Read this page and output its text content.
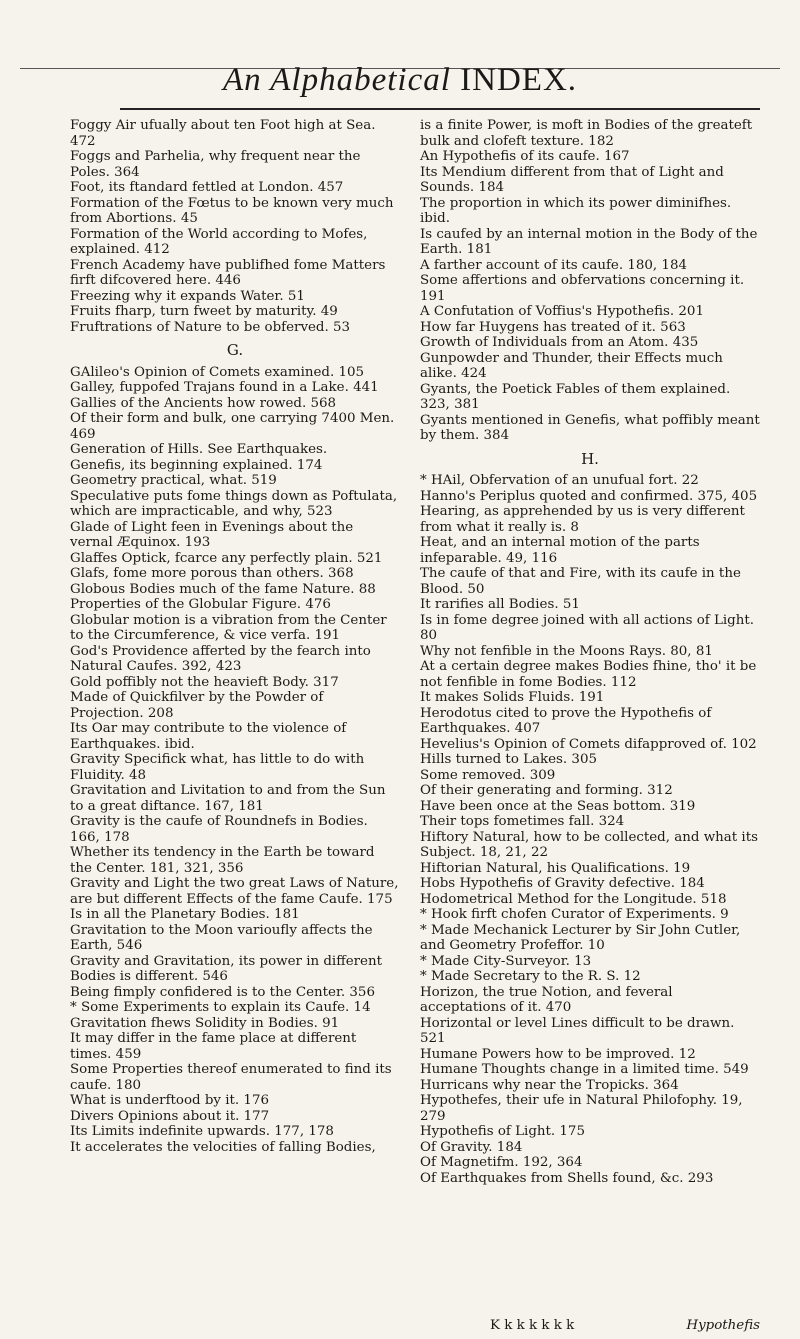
An Alphabetical INDEX.
Foggy Air ufually about ten Foot high at Sea. 472
Foggs and Parhelia, why frequent near the Poles. 364
Foot, its ftandard fettled at London. 457
Formation of the Fœtus to be known very much from Abortions. 45
Formation of the World according to Mofes, explained. 412
French Academy have publifhed fome Matters firft difcovered here. 446
Freezing why it expands Water. 51
Fruits fharp, turn fweet by maturity. 49
Fruftrations of Nature to be obferved. 53
G.
GAlileo's Opinion of Comets examined. 105
Galley, fuppofed Trajans found in a Lake. 441
Gallies of the Ancients how rowed. 568
Of their form and bulk, one carrying 7400 Men. 469
Generation of Hills. See Earthquakes.
Genefis, its beginning explained. 174
Geometry practical, what. 519
Speculative puts fome things down as Poftulata, which are impracticable, and why, 523
Glade of Light feen in Evenings about the vernal Æquinox. 193
Glaffes Optick, fcarce any perfectly plain. 521
Glafs, fome more porous than others. 368
Globous Bodies much of the fame Nature. 88
Properties of the Globular Figure. 476
Globular motion is a vibration from the Center to the Circumference, & vice verfa. 191
God's Providence afferted by the fearch into Natural Caufes. 392, 423
Gold poffibly not the heavieft Body. 317
Made of Quickfilver by the Powder of Projection. 208
Its Oar may contribute to the violence of Earthquakes. ibid.
Gravity Specifick what, has little to do with Fluidity. 48
Gravitation and Livitation to and from the Sun to a great diftance. 167, 181
Gravity is the caufe of Roundnefs in Bodies. 166, 178
Whether its tendency in the Earth be toward the Center. 181, 321, 356
Gravity and Light the two great Laws of Nature, are but different Effects of the fame Caufe. 175
Is in all the Planetary Bodies. 181
Gravitation to the Moon varioufly affects the Earth, 546
Gravity and Gravitation, its power in different Bodies is different. 546
Being fimply confidered is to the Center. 356
* Some Experiments to explain its Caufe. 14
Gravitation fhews Solidity in Bodies. 91
It may differ in the fame place at different times. 459
Some Properties thereof enumerated to find its caufe. 180
What is underftood by it. 176
Divers Opinions about it. 177
Its Limits indefinite upwards. 177, 178
It accelerates the velocities of falling Bodies,
is a finite Power, is moft in Bodies of the greateft bulk and clofeft texture. 182
An Hypothefis of its caufe. 167
Its Mendium different from that of Light and Sounds. 184
The proportion in which its power diminifhes. ibid.
Is caufed by an internal motion in the Body of the Earth. 181
A farther account of its caufe. 180, 184
Some affertions and obfervations concerning it. 191
A Confutation of Voffius's Hypothefis. 201
How far Huygens has treated of it. 563
Growth of Individuals from an Atom. 435
Gunpowder and Thunder, their Effects much alike. 424
Gyants, the Poetick Fables of them explained. 323, 381
Gyants mentioned in Genefis, what poffibly meant by them. 384
H.
* HAil, Obfervation of an unufual fort. 22
Hanno's Periplus quoted and confirmed. 375, 405
Hearing, as apprehended by us is very different from what it really is. 8
Heat, and an internal motion of the parts infeparable. 49, 116
The caufe of that and Fire, with its caufe in the Blood. 50
It rarifies all Bodies. 51
Is in fome degree joined with all actions of Light. 80
Why not fenfible in the Moons Rays. 80, 81
At a certain degree makes Bodies fhine, tho' it be not fenfible in fome Bodies. 112
It makes Solids Fluids. 191
Herodotus cited to prove the Hypothefis of Earthquakes. 407
Hevelius's Opinion of Comets difapproved of. 102
Hills turned to Lakes. 305
Some removed. 309
Of their generating and forming. 312
Have been once at the Seas bottom. 319
Their tops fometimes fall. 324
Hiftory Natural, how to be collected, and what its Subject. 18, 21, 22
Hiftorian Natural, his Qualifications. 19
Hobs Hypothefis of Gravity defective. 184
Hodometrical Method for the Longitude. 518
* Hook firft chofen Curator of Experiments. 9
* Made Mechanick Lecturer by Sir John Cutler, and Geometry Profeffor. 10
* Made City-Surveyor. 13
* Made Secretary to the R. S. 12
Horizon, the true Notion, and feveral acceptations of it. 470
Horizontal or level Lines difficult to be drawn. 521
Humane Powers how to be improved. 12
Humane Thoughts change in a limited time. 549
Hurricans why near the Tropicks. 364
Hypothefes, their ufe in Natural Philofophy. 19, 279
Hypothefis of Light. 175
Of Gravity. 184
Of Magnetifm. 192, 364
Of Earthquakes from Shells found, &c. 293
K k k k k k k	Hypothefis
